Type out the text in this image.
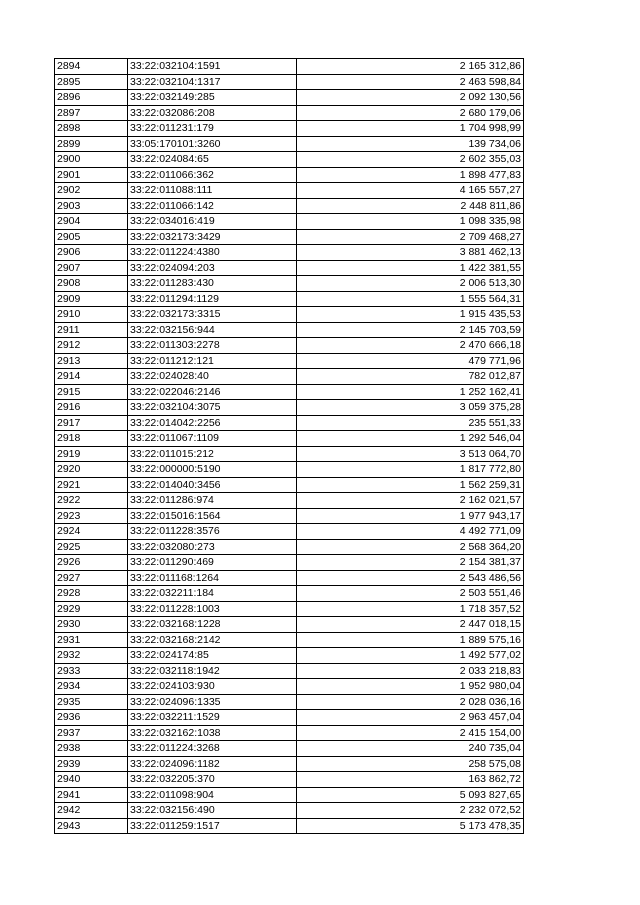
2894	33:22:032104:1591	2 165 312,86
2895	33:22:032104:1317	2 463 598,84
2896	33:22:032149:285	2 092 130,56
2897	33:22:032086:208	2 680 179,06
2898	33:22:011231:179	1 704 998,99
2899	33:05:170101:3260	139 734,06
2900	33:22:024084:65	2 602 355,03
2901	33:22:011066:362	1 898 477,83
2902	33:22:011088:111	4 165 557,27
2903	33:22:011066:142	2 448 811,86
2904	33:22:034016:419	1 098 335,98
2905	33:22:032173:3429	2 709 468,27
2906	33:22:011224:4380	3 881 462,13
2907	33:22:024094:203	1 422 381,55
2908	33:22:011283:430	2 006 513,30
2909	33:22:011294:1129	1 555 564,31
2910	33:22:032173:3315	1 915 435,53
2911	33:22:032156:944	2 145 703,59
2912	33:22:011303:2278	2 470 666,18
2913	33:22:011212:121	479 771,96
2914	33:22:024028:40	782 012,87
2915	33:22:022046:2146	1 252 162,41
2916	33:22:032104:3075	3 059 375,28
2917	33:22:014042:2256	235 551,33
2918	33:22:011067:1109	1 292 546,04
2919	33:22:011015:212	3 513 064,70
2920	33:22:000000:5190	1 817 772,80
2921	33:22:014040:3456	1 562 259,31
2922	33:22:011286:974	2 162 021,57
2923	33:22:015016:1564	1 977 943,17
2924	33:22:011228:3576	4 492 771,09
2925	33:22:032080:273	2 568 364,20
2926	33:22:011290:469	2 154 381,37
2927	33:22:011168:1264	2 543 486,56
2928	33:22:032211:184	2 503 551,46
2929	33:22:011228:1003	1 718 357,52
2930	33:22:032168:1228	2 447 018,15
2931	33:22:032168:2142	1 889 575,16
2932	33:22:024174:85	1 492 577,02
2933	33:22:032118:1942	2 033 218,83
2934	33:22:024103:930	1 952 980,04
2935	33:22:024096:1335	2 028 036,16
2936	33:22:032211:1529	2 963 457,04
2937	33:22:032162:1038	2 415 154,00
2938	33:22:011224:3268	240 735,04
2939	33:22:024096:1182	258 575,08
2940	33:22:032205:370	163 862,72
2941	33:22:011098:904	5 093 827,65
2942	33:22:032156:490	2 232 072,52
2943	33:22:011259:1517	5 173 478,35
